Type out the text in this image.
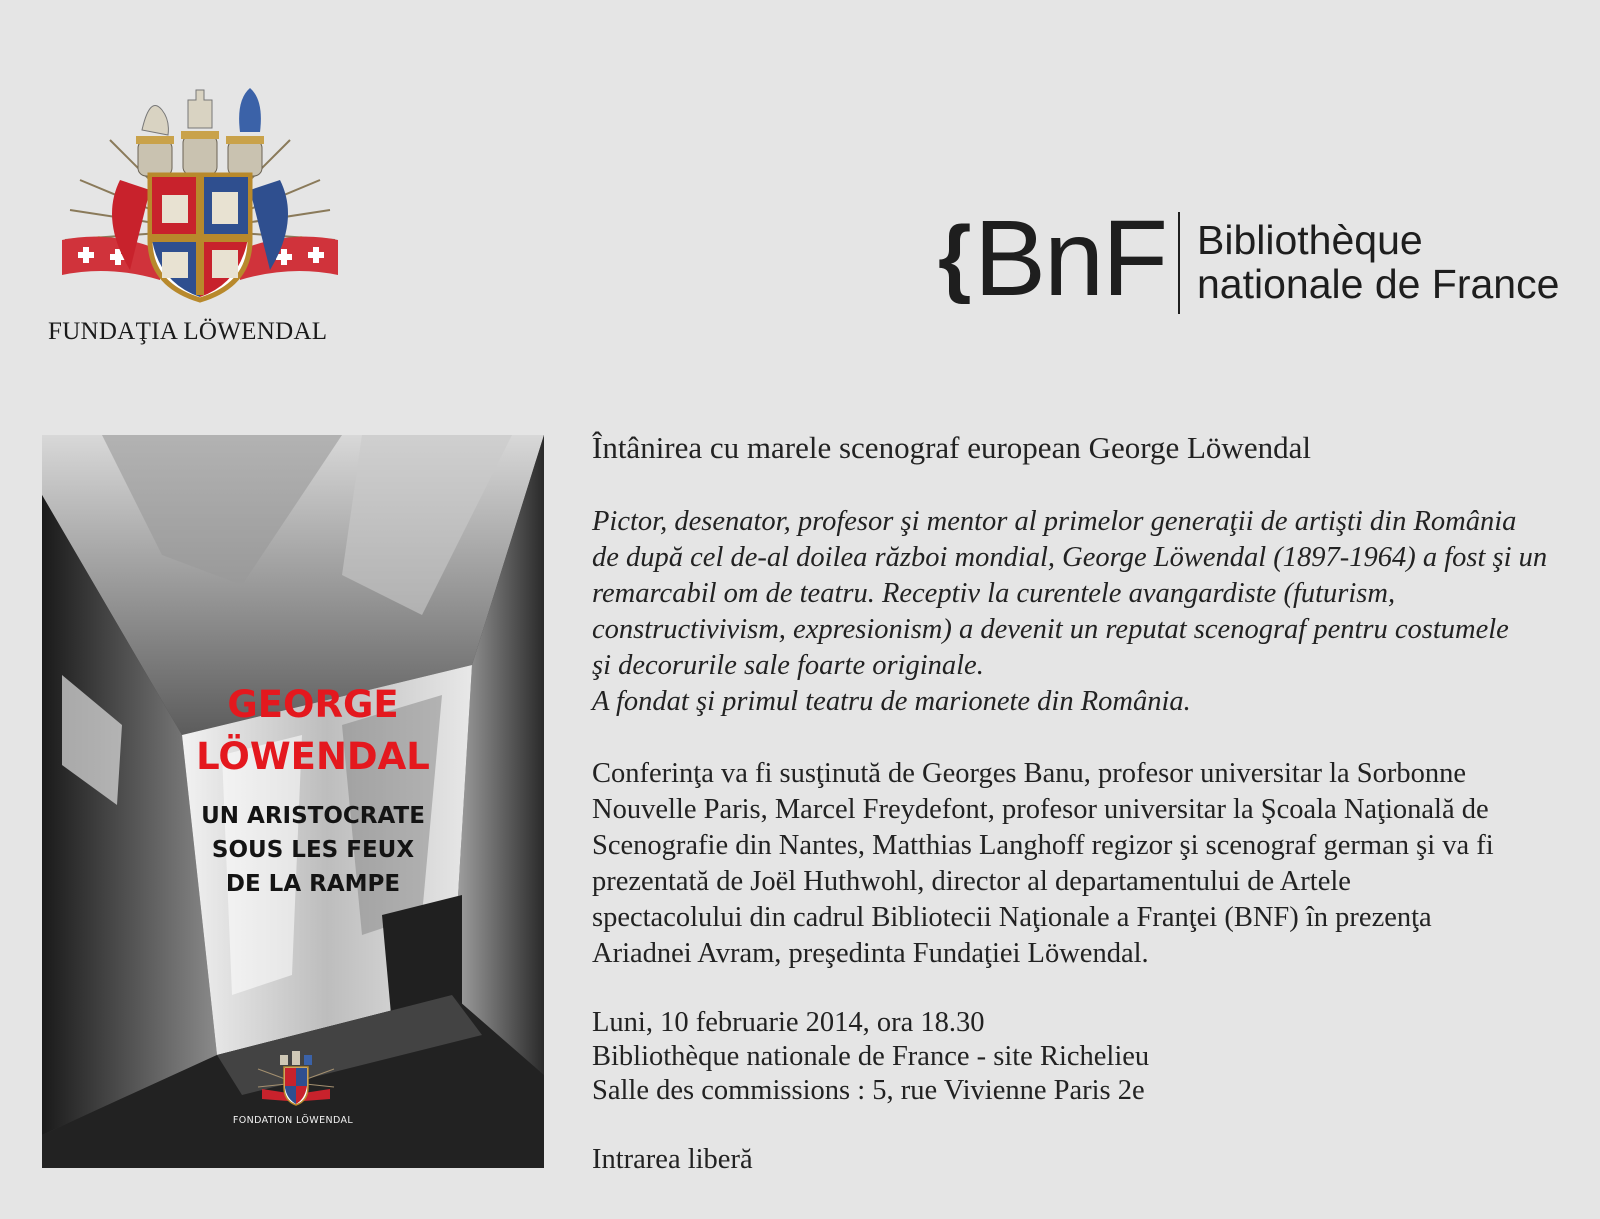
FUNDAŢIA LÖWENDAL
{ BnF Bibliothèque
nationale de France
GEORGE
LÖWENDAL
UN ARISTOCRATE
SOUS LES FEUX
DE LA RAMPE
FONDATION LÖWENDAL
Întânirea cu marele scenograf european George Löwendal
Pictor, desenator, profesor şi mentor al primelor generaţii de artişti din România
de după cel de-al doilea război mondial, George Löwendal (1897-1964) a fost şi un
remarcabil om de teatru. Receptiv la curentele avangardiste (futurism,
constructivivism, expresionism) a devenit un reputat scenograf pentru costumele
şi decorurile sale foarte originale.
A fondat şi primul teatru de marionete din România.
Conferinţa va fi susţinută de Georges Banu, profesor universitar la Sorbonne
Nouvelle Paris, Marcel Freydefont, profesor universitar la Şcoala Naţională de
Scenografie din Nantes, Matthias Langhoff regizor şi scenograf german şi va fi
prezentată de Joël Huthwohl, director al departamentului de Artele
spectacolului din cadrul Bibliotecii Naţionale a Franţei (BNF) în prezenţa
Ariadnei Avram, preşedinta Fundaţiei Löwendal.
Luni, 10 februarie 2014, ora 18.30
Bibliothèque nationale de France - site Richelieu
Salle des commissions : 5, rue Vivienne Paris 2e
Intrarea liberă
